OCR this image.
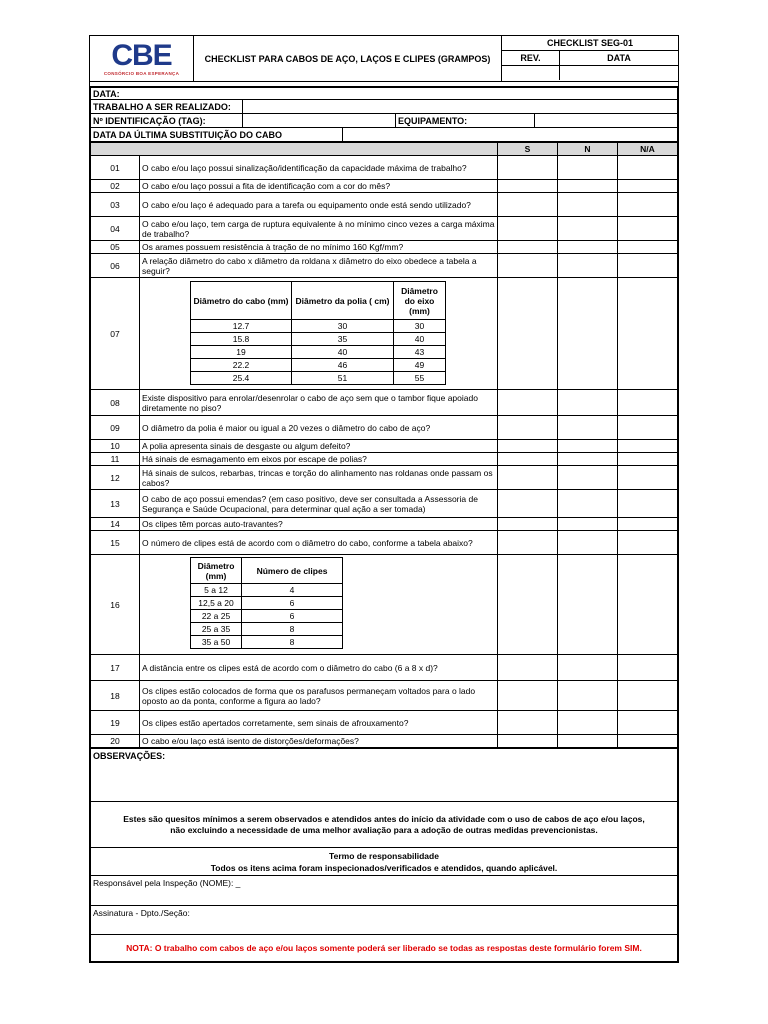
CBE
CONSÓRCIO BOA ESPERANÇA
CHECKLIST PARA CABOS DE AÇO, LAÇOS E CLIPES (GRAMPOS)
CHECKLIST SEG-01
REV.	DATA
DATA:				
TRABALHO A SER REALIZADO:				
Nº IDENTIFICAÇÃO (TAG):			EQUIPAMENTO:	
DATA DA ÚLTIMA SUBSTITUIÇÃO DO CABO				
	S	N	N/A
01	O cabo e/ou laço possui sinalização/identificação da capacidade máxima de trabalho?			
02	O cabo e/ou laço possui a fita de identificação com a cor do mês?			
03	O cabo e/ou laço é adequado para a tarefa ou equipamento onde está sendo utilizado?			
04	O cabo e/ou laço, tem carga de ruptura equivalente à no mínimo cinco vezes a carga máxima de trabalho?			
05	Os arames possuem resistência à tração de no mínimo 160 Kgf/mm?			
06	A relação diâmetro do cabo x diâmetro da roldana x diâmetro do eixo obedece a tabela a seguir?			
07	
Diâmetro do cabo (mm)	Diâmetro da polia ( cm)	Diâmetro do eixo (mm)
12.7	30	30
15.8	35	40
19	40	43
22.2	46	49
25.4	51	55

08	Existe dispositivo para enrolar/desenrolar o cabo de aço sem que o tambor fique apoiado diretamente no piso?			
09	O diâmetro da polia é maior ou igual a 20 vezes o diâmetro do cabo de aço?			
10	A polia apresenta sinais de desgaste ou algum defeito?			
11	Há sinais de esmagamento em eixos por escape de polias?			
12	Há sinais de sulcos, rebarbas, trincas e torção do alinhamento nas roldanas onde passam os cabos?			
13	O cabo de aço possui emendas? (em caso positivo, deve ser consultada a Assessoria de Segurança e Saúde Ocupacional, para determinar qual ação a ser tomada)			
14	Os clipes têm porcas auto-travantes?			
15	O número de clipes está de acordo com o diâmetro do cabo, conforme a tabela abaixo?			
16	
Diâmetro (mm)	Número de clipes
5 a 12	4
12,5 a 20	6
22 a 25	6
25 a 35	8
35 a 50	8

17	A distância entre os clipes está de acordo com o diâmetro do cabo (6 a 8 x d)?			
18	Os clipes estão colocados de forma que os parafusos permaneçam voltados para o lado oposto ao da ponta, conforme a figura ao lado?			
19	Os clipes estão apertados corretamente, sem sinais de afrouxamento?			
20	O cabo e/ou laço está isento de distorções/deformações?			
OBSERVAÇÕES:
Estes são quesitos mínimos a serem observados e atendidos antes do início da atividade com o uso de cabos de aço e/ou laços, não excluindo a necessidade de uma melhor avaliação para a adoção de outras medidas prevencionistas.

Termo de responsabilidade
Todos os itens acima foram inspecionados/verificados e atendidos, quando aplicável.

Responsável pela Inspeção (NOME): _
Assinatura - Dpto./Seção:
NOTA: O trabalho com cabos de aço e/ou laços somente poderá ser liberado se todas as respostas deste formulário forem SIM.
